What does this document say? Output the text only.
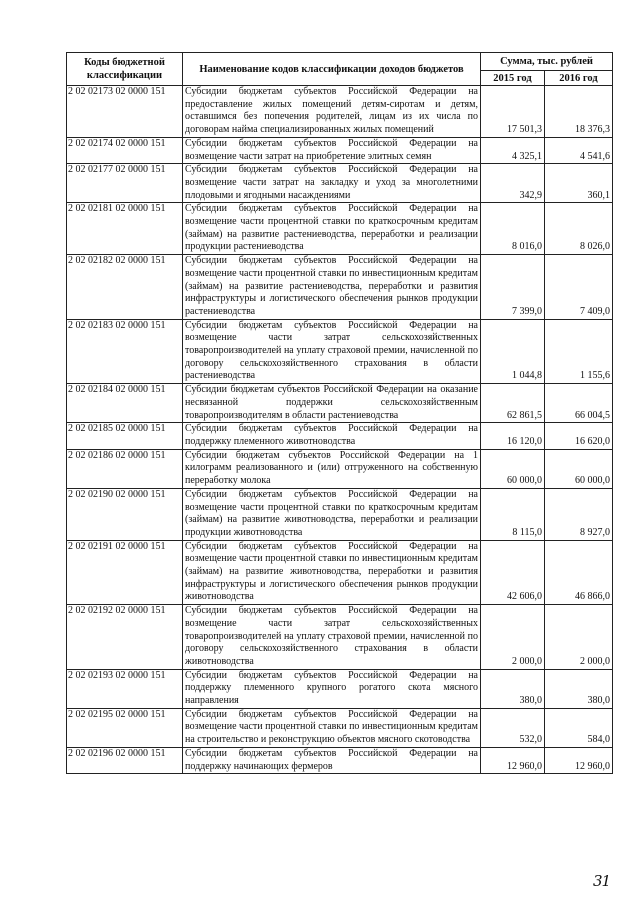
Коды бюджетной классификации	Наименование кодов классификации доходов бюджетов	Сумма, тыс. рублей	
		2015 год	2016 год
2 02 02173 02 0000 151	Субсидии бюджетам субъектов Российской Федерации на предоставление жилых помещений детям-сиротам и детям, оставшимся без попечения родителей, лицам из их числа по договорам найма специализированных жилых помещений	17 501,3	18 376,3
2 02 02174 02 0000 151	Субсидии бюджетам субъектов Российской Федерации на возмещение части затрат на приобретение элитных семян	4 325,1	4 541,6
2 02 02177 02 0000 151	Субсидии бюджетам субъектов Российской Федерации на возмещение части затрат на закладку и уход за многолетними плодовыми и ягодными насаждениями	342,9	360,1
2 02 02181 02 0000 151	Субсидии бюджетам субъектов Российской Федерации на возмещение части процентной ставки по краткосрочным кредитам (займам) на развитие растениеводства, переработки и реализации продукции растениеводства	8 016,0	8 026,0
2 02 02182 02 0000 151	Субсидии бюджетам субъектов Российской Федерации на возмещение части процентной ставки по инвестиционным кредитам (займам) на развитие растениеводства, переработки и развития инфраструктуры и логистического обеспечения рынков продукции растениеводства	7 399,0	7 409,0
2 02 02183 02 0000 151	Субсидии бюджетам субъектов Российской Федерации на возмещение части затрат сельскохозяйственных товаропроизводителей на уплату страховой премии, начисленной по договору сельскохозяйственного страхования в области растениеводства	1 044,8	1 155,6
2 02 02184 02 0000 151	Субсидии бюджетам субъектов Российской Федерации на оказание несвязанной поддержки сельскохозяйственным товаропроизводителям в области растениеводства	62 861,5	66 004,5
2 02 02185 02 0000 151	Субсидии бюджетам субъектов Российской Федерации на поддержку племенного животноводства	16 120,0	16 620,0
2 02 02186 02 0000 151	Субсидии бюджетам субъектов Российской Федерации на 1 килограмм реализованного и (или) отгруженного на собственную переработку молока	60 000,0	60 000,0
2 02 02190 02 0000 151	Субсидии бюджетам субъектов Российской Федерации на возмещение части процентной ставки по краткосрочным кредитам (займам) на развитие животноводства, переработки и реализации продукции животноводства	8 115,0	8 927,0
2 02 02191 02 0000 151	Субсидии бюджетам субъектов Российской Федерации на возмещение части процентной ставки по инвестиционным кредитам (займам) на развитие животноводства, переработки и развития инфраструктуры и логистического обеспечения рынков продукции животноводства	42 606,0	46 866,0
2 02 02192 02 0000 151	Субсидии бюджетам субъектов Российской Федерации на возмещение части затрат сельскохозяйственных товаропроизводителей на уплату страховой премии, начисленной по договору сельскохозяйственного страхования в области животноводства	2 000,0	2 000,0
2 02 02193 02 0000 151	Субсидии бюджетам субъектов Российской Федерации на поддержку племенного крупного рогатого скота мясного направления	380,0	380,0
2 02 02195 02 0000 151	Субсидии бюджетам субъектов Российской Федерации на возмещение части процентной ставки по инвестиционным кредитам на строительство и реконструкцию объектов мясного скотоводства	532,0	584,0
2 02 02196 02 0000 151	Субсидии бюджетам субъектов Российской Федерации на поддержку начинающих фермеров	12 960,0	12 960,0
31
